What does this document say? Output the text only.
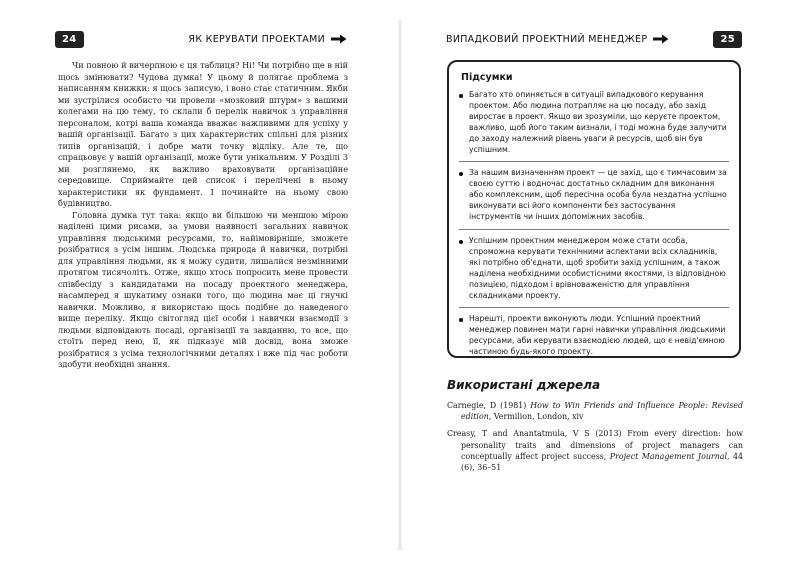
24	ЯК КЕРУВАТИ ПРОЕКТАМИ

Чи повною й вичерпною є ця таблиця? Ні! Чи потрібно ще в ній щось змінювати? Чудова думка! У цьому й полягає проблема з написанням книжки: я щось записую, і воно стає статичним. Якби ми зустрілися особисто чи провели «мозковий штурм» з вашими колегами на цю тему, то склали б перелік навичок з управління персоналом, котрі ваша команда вважає важливими для успіху у вашій організації. Багато з цих характеристик спільні для різних типів організацій, і добре мати точку відліку. Але те, що спрацьовує у вашій організації, може бути унікальним. У Розділі 3 ми розглянемо, як важливо враховувати організаційне середовище. Сприймайте цей список і переліченi в ньому характеристики як фундамент. І починайте на ньому свою будівництво.

Головна думка тут така: якщо ви більшою чи меншою мірою наділені цими рисами, за умови наявності загальних навичок управління людськими ресурсами, то, найімовірніше, зможете розібратися з усім іншим. Людська природа й навички, потрібні для управління людьми, як я можу судити, лишалися незмінними протягом тисячоліть. Отже, якщо хтось попросить мене провести співбесіду з кандидатами на посаду проектного менеджера, насамперед я шукатиму ознаки того, що людина має ці гнучкі навички. Можливо, я використаю щось подібне до наведеного вище переліку. Якщо світогляд цієї особи і навички взаємодії з людьми відповідають посаді, організації та завданню, то все, що стоїть перед нею, її, як підказує мій досвід, вона зможе розібратися з усіма технологічними деталях і вже під час роботи здобути необхідні знання.

ВИПАДКОВИЙ ПРОЕКТНИЙ МЕНЕДЖЕР	25
Підсумки
Багато хто опиняється в ситуації випадкового керування проектом. Або людина потрапляє на цю посаду, або захід виростає в проект. Якщо ви зрозуміли, що керуєте проектом, важливо, щоб його таким визнали, і тоді можна буде залучити до заходу належний рівень уваги й ресурсів, щоб він був успішним.
За нашим визначенням проект — це захід, що є тимчасовим за своєю суттю і водночас достатньо складним для виконання або комплексним, щоб пересічна особа була нездатна успішно виконувати всі його компоненти без застосування інструментів чи інших допоміжних засобів.
Успішним проектним менеджером може стати особа, спроможна керувати технічними аспектами всіх складників, які потрібно об'єднати, щоб зробити захід успішним, а також наділена необхідними особистісними якостями, із відповідною позицією, підходом і врівноваженістю для управління складниками проекту.
Нарешті, проекти виконують люди. Успішний проектний менеджер повинен мати гарні навички управління людськими ресурсами, аби керувати взаємодією людей, що є невід'ємною частиною будь-якого проекту.
Використані джерела
Carnegie, D (1981) How to Win Friends and Influence People: Revised edition, Vermilion, London, xiv
Creasy, T and Anantatmula, V S (2013) From every direction: how personality traits and dimensions of project managers can conceptually affect project success, Project Management Journal, 44 (6), 36–51
